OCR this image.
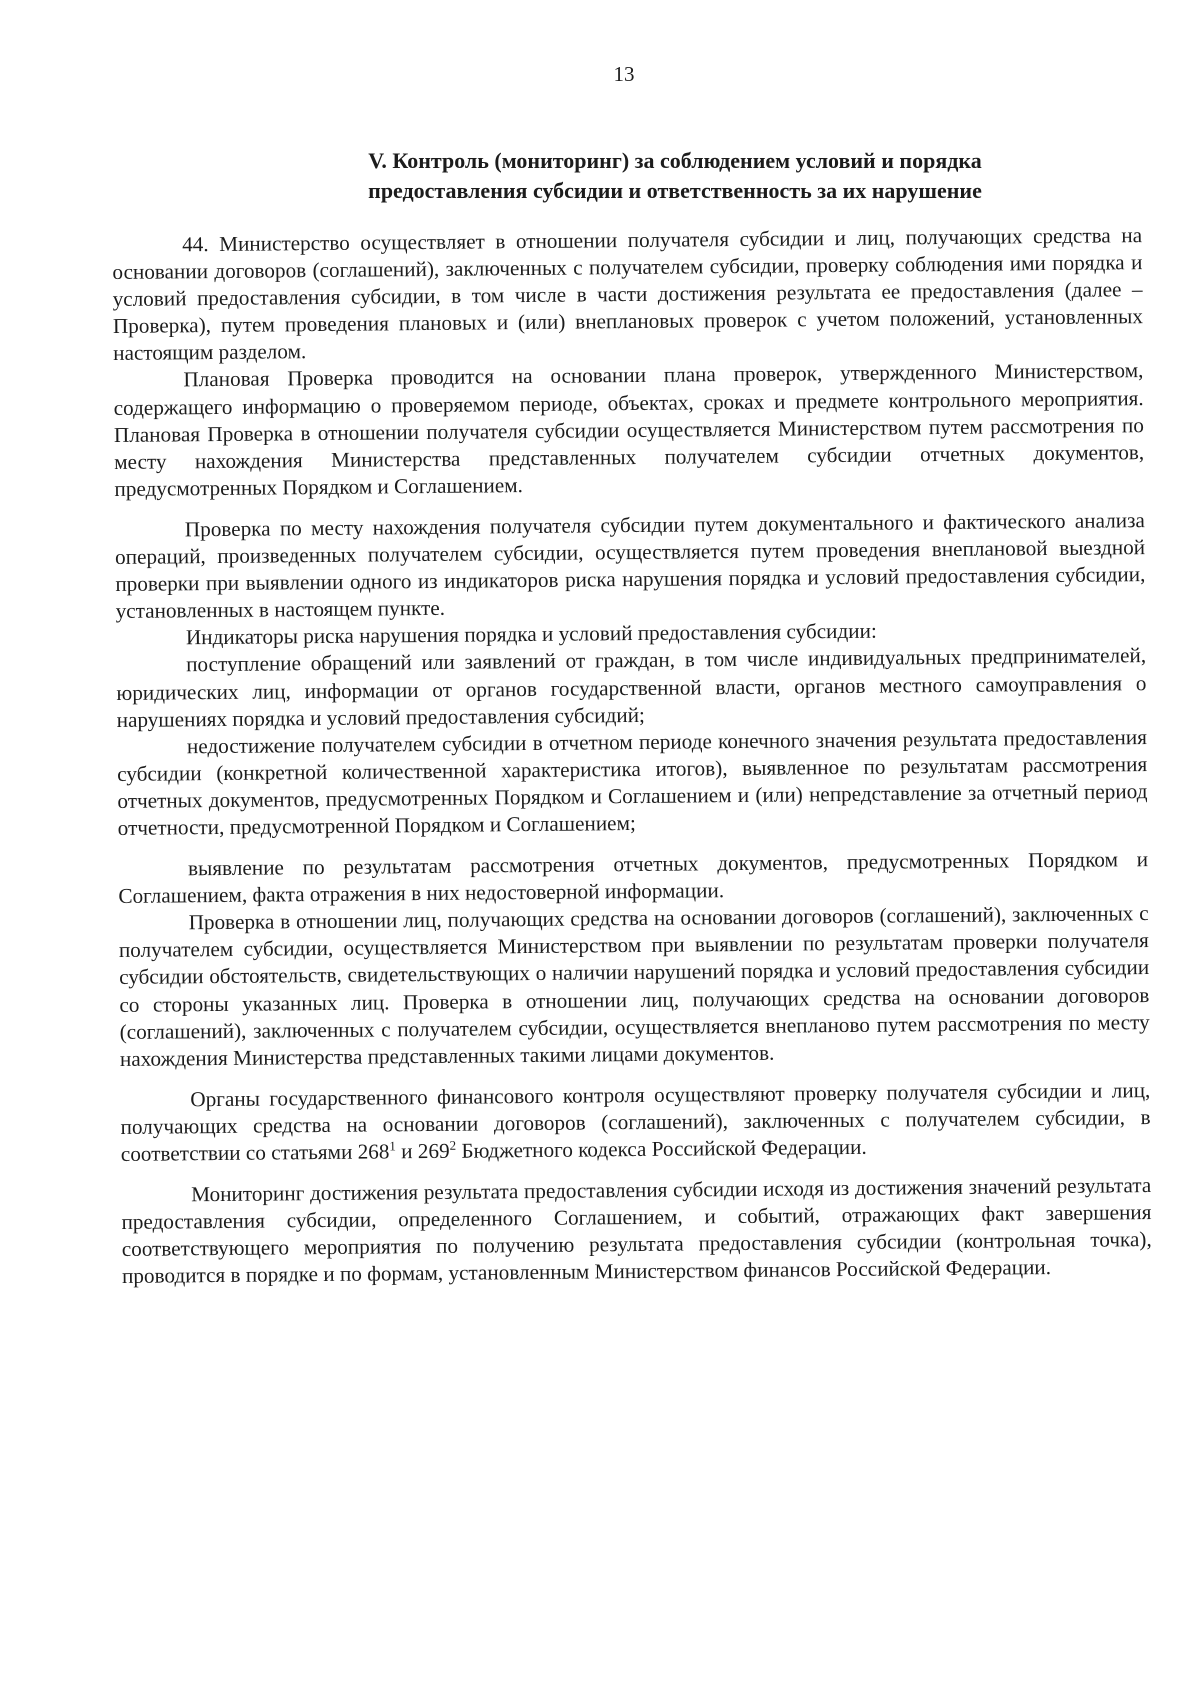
13
V. Контроль (мониторинг) за соблюдением условий и порядка
предоставления субсидии и ответственность за их нарушение

44. Министерство осуществляет в отношении получателя субсидии и лиц, получающих средства на основании договоров (соглашений), заключенных с получателем субсидии, проверку соблюдения ими порядка и условий предоставления субсидии, в том числе в части достижения результата ее предоставления (далее – Проверка), путем проведения плановых и (или) внеплановых проверок с учетом положений, установленных настоящим разделом.

Плановая Проверка проводится на основании плана проверок, утвержденного Министерством, содержащего информацию о проверяемом периоде, объектах, сроках и предмете контрольного мероприятия. Плановая Проверка в отношении получателя субсидии осуществляется Министерством путем рассмотрения по месту нахождения Министерства представленных получателем субсидии отчетных документов, предусмотренных Порядком и Соглашением.

Проверка по месту нахождения получателя субсидии путем документального и фактического анализа операций, произведенных получателем субсидии, осуществляется путем проведения внеплановой выездной проверки при выявлении одного из индикаторов риска нарушения порядка и условий предоставления субсидии, установленных в настоящем пункте.

Индикаторы риска нарушения порядка и условий предоставления субсидии:

поступление обращений или заявлений от граждан, в том числе индивидуальных предпринимателей, юридических лиц, информации от органов государственной власти, органов местного самоуправления о нарушениях порядка и условий предоставления субсидий;

недостижение получателем субсидии в отчетном периоде конечного значения результата предоставления субсидии (конкретной количественной характеристика итогов), выявленное по результатам рассмотрения отчетных документов, предусмотренных Порядком и Соглашением и (или) непредставление за отчетный период отчетности, предусмотренной Порядком и Соглашением;

выявление по результатам рассмотрения отчетных документов, предусмотренных Порядком и Соглашением, факта отражения в них недостоверной информации.

Проверка в отношении лиц, получающих средства на основании договоров (соглашений), заключенных с получателем субсидии, осуществляется Министерством при выявлении по результатам проверки получателя субсидии обстоятельств, свидетельствующих о наличии нарушений порядка и условий предоставления субсидии со стороны указанных лиц. Проверка в отношении лиц, получающих средства на основании договоров (соглашений), заключенных с получателем субсидии, осуществляется внепланово путем рассмотрения по месту нахождения Министерства представленных такими лицами документов.

Органы государственного финансового контроля осуществляют проверку получателя субсидии и лиц, получающих средства на основании договоров (соглашений), заключенных с получателем субсидии, в соответствии со статьями $268^1$ и $269^2$ Бюджетного кодекса Российской Федерации.

Мониторинг достижения результата предоставления субсидии исходя из достижения значений результата предоставления субсидии, определенного Соглашением, и событий, отражающих факт завершения соответствующего мероприятия по получению результата предоставления субсидии (контрольная точка), проводится в порядке и по формам, установленным Министерством финансов Российской Федерации.
